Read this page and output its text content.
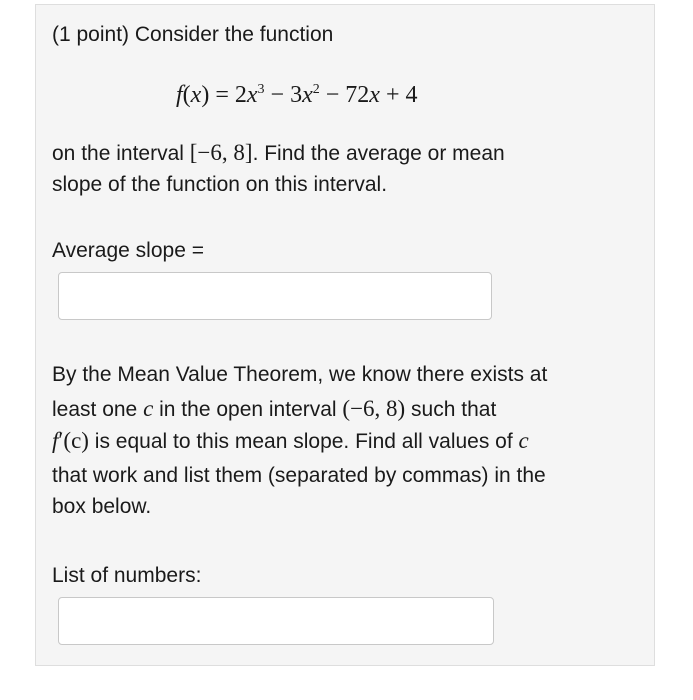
(1 point) Consider the function
$f(x) = 2x^3 - 3x^2 - 72x + 4$
on the interval [−6, 8]. Find the average or mean
slope of the function on this interval.
Average slope =
By the Mean Value Theorem, we know there exists at
least one c in the open interval (−6, 8) such that
f′(c) is equal to this mean slope. Find all values of c
that work and list them (separated by commas) in the
box below.
List of numbers:
